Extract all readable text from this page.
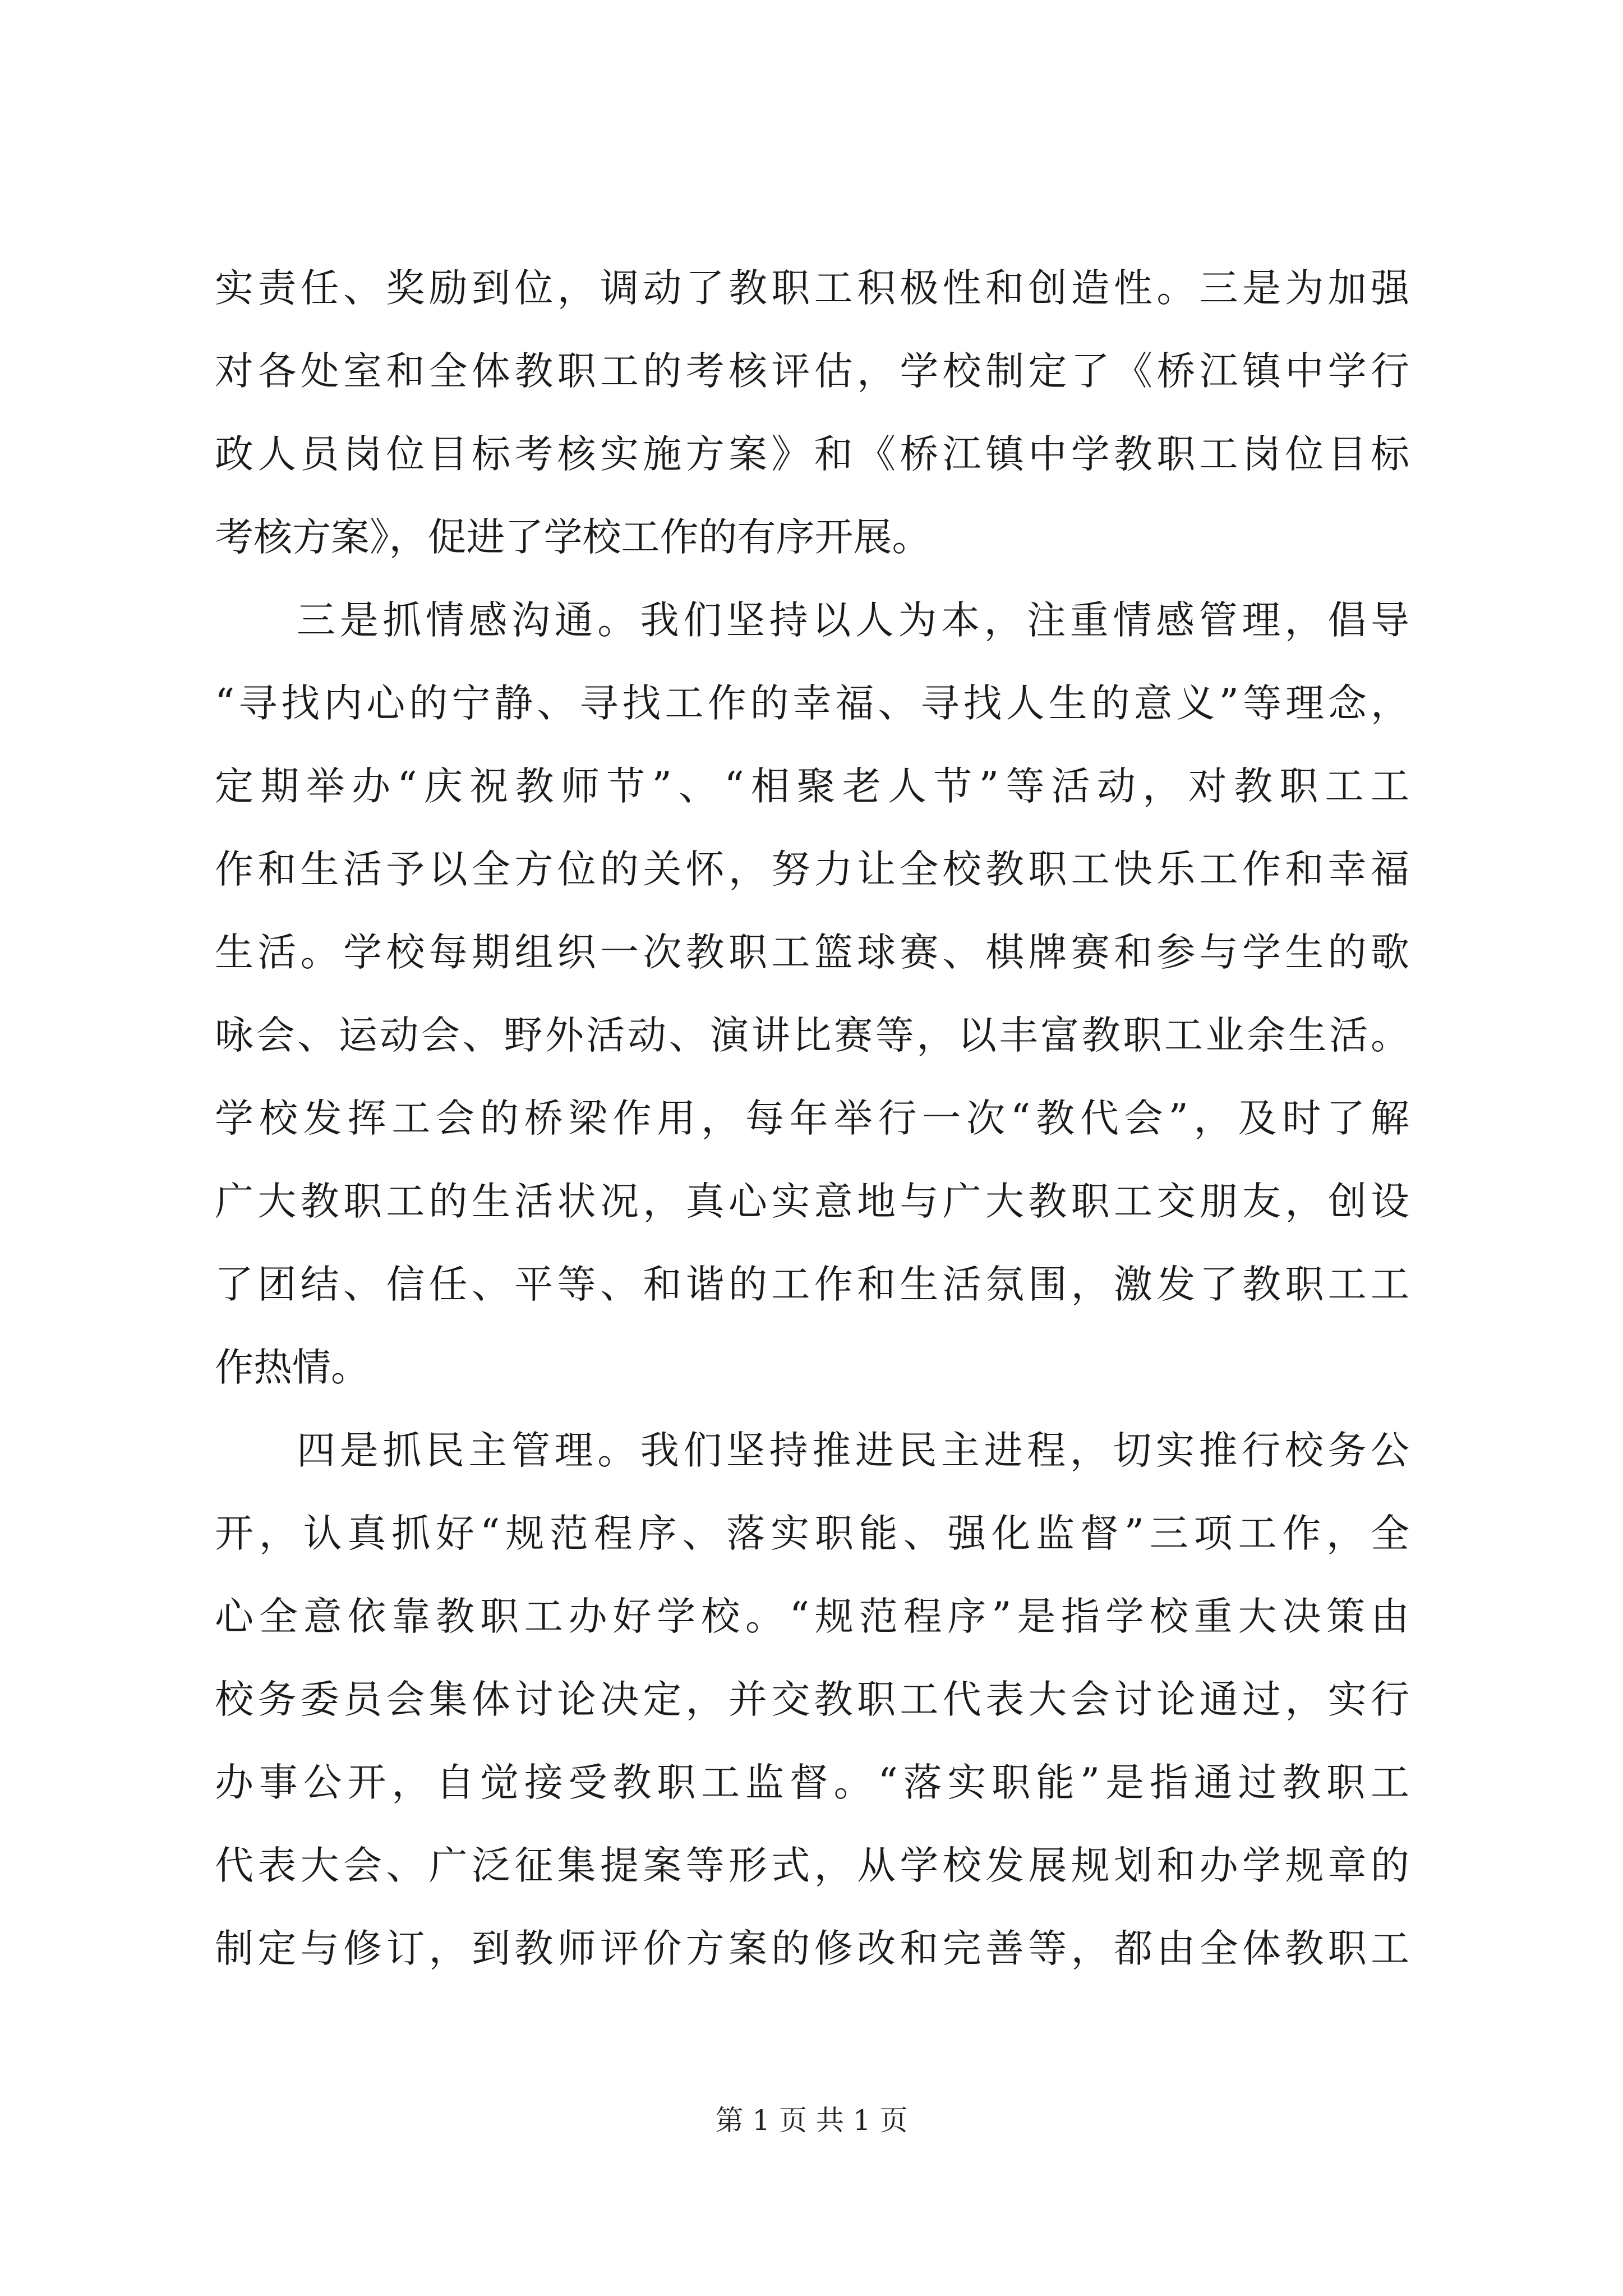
实责任、奖励到位，调动了教职工积极性和创造性。三是为加强
对各处室和全体教职工的考核评估，学校制定了《桥江镇中学行
政人员岗位目标考核实施方案》和《桥江镇中学教职工岗位目标
考核方案》，促进了学校工作的有序开展。
三是抓情感沟通。我们坚持以人为本，注重情感管理，倡导
“寻找内心的宁静、寻找工作的幸福、寻找人生的意义”等理念，
定期举办“庆祝教师节”、“相聚老人节”等活动，对教职工工
作和生活予以全方位的关怀，努力让全校教职工快乐工作和幸福
生活。学校每期组织一次教职工篮球赛、棋牌赛和参与学生的歌
咏会、运动会、野外活动、演讲比赛等，以丰富教职工业余生活。
学校发挥工会的桥梁作用，每年举行一次“教代会”，及时了解
广大教职工的生活状况，真心实意地与广大教职工交朋友，创设
了团结、信任、平等、和谐的工作和生活氛围，激发了教职工工
作热情。
四是抓民主管理。我们坚持推进民主进程，切实推行校务公
开，认真抓好“规范程序、落实职能、强化监督”三项工作，全
心全意依靠教职工办好学校。“规范程序”是指学校重大决策由
校务委员会集体讨论决定，并交教职工代表大会讨论通过，实行
办事公开，自觉接受教职工监督。“落实职能”是指通过教职工
代表大会、广泛征集提案等形式，从学校发展规划和办学规章的
制定与修订，到教师评价方案的修改和完善等，都由全体教职工
第 1 页 共 1 页
